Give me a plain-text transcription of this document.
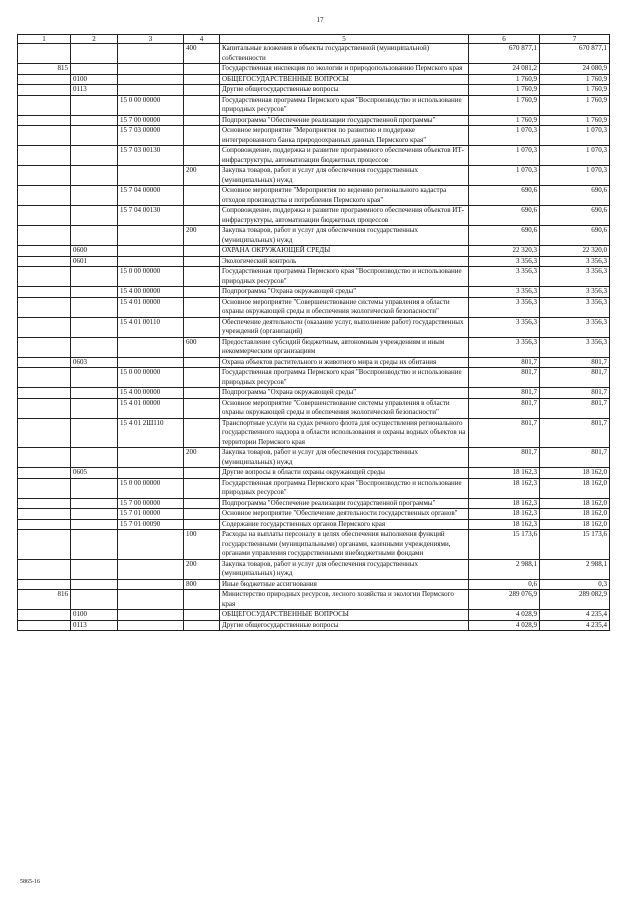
17
1	2	3	4	5	6	7
			400	Капитальные вложения в объекты государственной (муниципальной) собственности	670 877,1	670 877,1
815				Государственная инспекция по экологии и природопользованию Пермского края	24 081,2	24 080,9
	0100			ОБЩЕГОСУДАРСТВЕННЫЕ ВОПРОСЫ	1 760,9	1 760,9
	0113			Другие общегосударственные вопросы	1 760,9	1 760,9
		15 0 00 00000		Государственная программа Пермского края "Воспроизводство и использование природных ресурсов"	1 760,9	1 760,9
		15 7 00 00000		Подпрограмма "Обеспечение реализации государственной программы"	1 760,9	1 760,9
		15 7 03 00000		Основное мероприятие "Мероприятия по развитию и поддержке интегрированного банка природоохранных данных Пермского края"	1 070,3	1 070,3
		15 7 03 00130		Сопровождение, поддержка и развитие программного обеспечения объектов ИТ-инфраструктуры, автоматизации бюджетных процессов	1 070,3	1 070,3
			200	Закупка товаров, работ и услуг для обеспечения государственных (муниципальных) нужд	1 070,3	1 070,3
		15 7 04 00000		Основное мероприятие "Мероприятия по ведению регионального кадастра отходов производства и потребления Пермского края"	690,6	690,6
		15 7 04 00130		Сопровождение, поддержка и развитие программного обеспечения объектов ИТ-инфраструктуры, автоматизации бюджетных процессов	690,6	690,6
			200	Закупка товаров, работ и услуг для обеспечения государственных (муниципальных) нужд	690,6	690,6
	0600			ОХРАНА ОКРУЖАЮЩЕЙ СРЕДЫ	22 320,3	22 320,0
	0601			Экологический контроль	3 356,3	3 356,3
		15 0 00 00000		Государственная программа Пермского края "Воспроизводство и использование природных ресурсов"	3 356,3	3 356,3
		15 4 00 00000		Подпрограмма "Охрана окружающей среды"	3 356,3	3 356,3
		15 4 01 00000		Основное мероприятие "Совершенствование системы управления в области охраны окружающей среды и обеспечения экологической безопасности"	3 356,3	3 356,3
		15 4 01 00110		Обеспечение деятельности (оказание услуг, выполнение работ) государственных учреждений (организаций)	3 356,3	3 356,3
			600	Предоставление субсидий бюджетным, автономным учреждениям и иным некоммерческим организациям	3 356,3	3 356,3
	0603			Охрана объектов растительного и животного мира и среды их обитания	801,7	801,7
		15 0 00 00000		Государственная программа Пермского края "Воспроизводство и использование природных ресурсов"	801,7	801,7
		15 4 00 00000		Подпрограмма "Охрана окружающей среды"	801,7	801,7
		15 4 01 00000		Основное мероприятие "Совершенствование системы управления в области охраны окружающей среды и обеспечения экологической безопасности"	801,7	801,7
		15 4 01 2Ш110		Транспортные услуги на судах речного флота для осуществления регионального государственного надзора в области использования и охраны водных объектов на территории Пермского края	801,7	801,7
			200	Закупка товаров, работ и услуг для обеспечения государственных (муниципальных) нужд	801,7	801,7
	0605			Другие вопросы в области охраны окружающей среды	18 162,3	18 162,0
		15 0 00 00000		Государственная программа Пермского края "Воспроизводство и использование природных ресурсов"	18 162,3	18 162,0
		15 7 00 00000		Подпрограмма "Обеспечение реализации государственной программы"	18 162,3	18 162,0
		15 7 01 00000		Основное мероприятие "Обеспечение деятельности государственных органов"	18 162,3	18 162,0
		15 7 01 00090		Содержание государственных органов Пермского края	18 162,3	18 162,0
			100	Расходы на выплаты персоналу в целях обеспечения выполнения функций государственными (муниципальными) органами, казенными учреждениями, органами управления государственными внебюджетными фондами	15 173,6	15 173,6
			200	Закупка товаров, работ и услуг для обеспечения государственных (муниципальных) нужд	2 988,1	2 988,1
			800	Иные бюджетные ассигнования	0,6	0,3
816				Министерство природных ресурсов, лесного хозяйства и экологии Пермского края	289 076,9	289 082,9
	0100			ОБЩЕГОСУДАРСТВЕННЫЕ ВОПРОСЫ	4 028,9	4 235,4
	0113			Другие общегосударственные вопросы	4 028,9	4 235,4
5865-16
